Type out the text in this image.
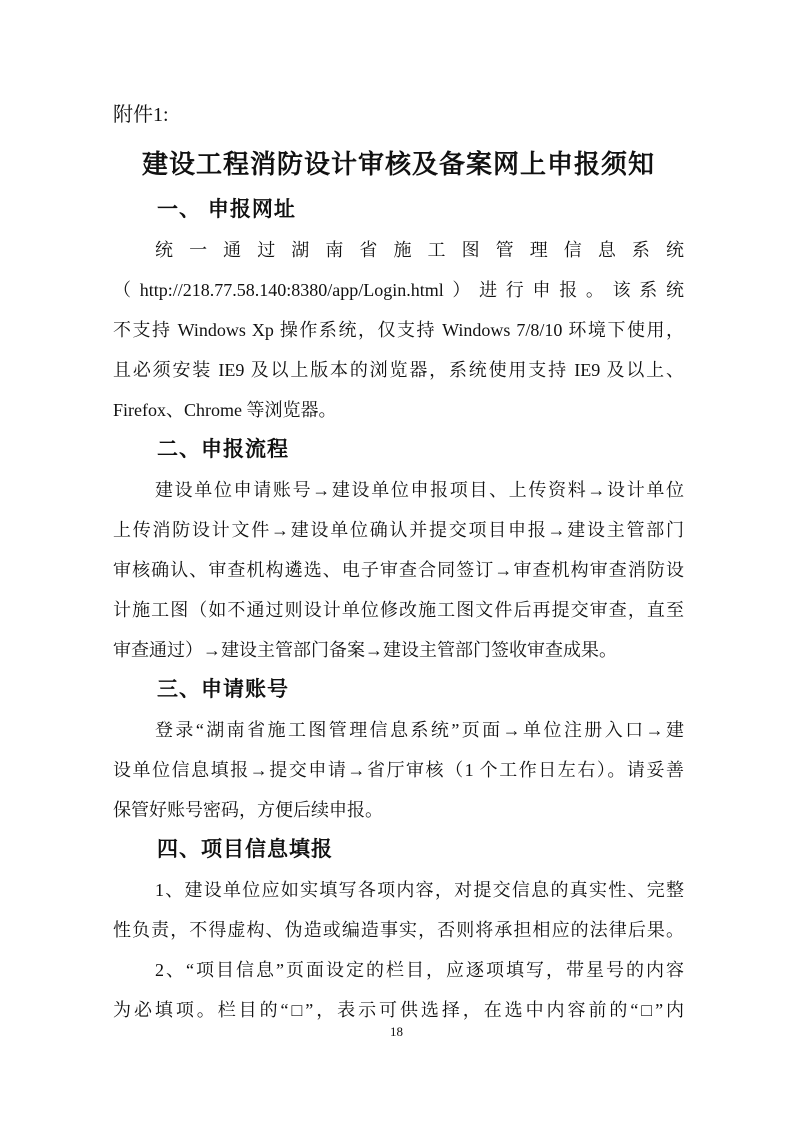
附件1:
建设工程消防设计审核及备案网上申报须知
一、 申报网址
统一通过湖南省施工图管理信息系统
（http://218.77.58.140:8380/app/Login.html）进行申报。该系统
不支持 Windows Xp 操作系统，仅支持 Windows 7/8/10 环境下使用，
且必须安装 IE9 及以上版本的浏览器，系统使用支持 IE9 及以上、
Firefox、Chrome 等浏览器。
二、申报流程
建设单位申请账号→建设单位申报项目、上传资料→设计单位
上传消防设计文件→建设单位确认并提交项目申报→建设主管部门
审核确认、审查机构遴选、电子审查合同签订→审查机构审查消防设
计施工图（如不通过则设计单位修改施工图文件后再提交审查，直至
审查通过）→建设主管部门备案→建设主管部门签收审查成果。
三、申请账号
登录“湖南省施工图管理信息系统”页面→单位注册入口→建
设单位信息填报→提交申请→省厅审核（1 个工作日左右）。请妥善
保管好账号密码，方便后续申报。
四、项目信息填报
1、建设单位应如实填写各项内容，对提交信息的真实性、完整
性负责，不得虚构、伪造或编造事实，否则将承担相应的法律后果。
2、“项目信息”页面设定的栏目，应逐项填写，带星号的内容
为必填项。栏目的“□”，表示可供选择，在选中内容前的“□”内
18
